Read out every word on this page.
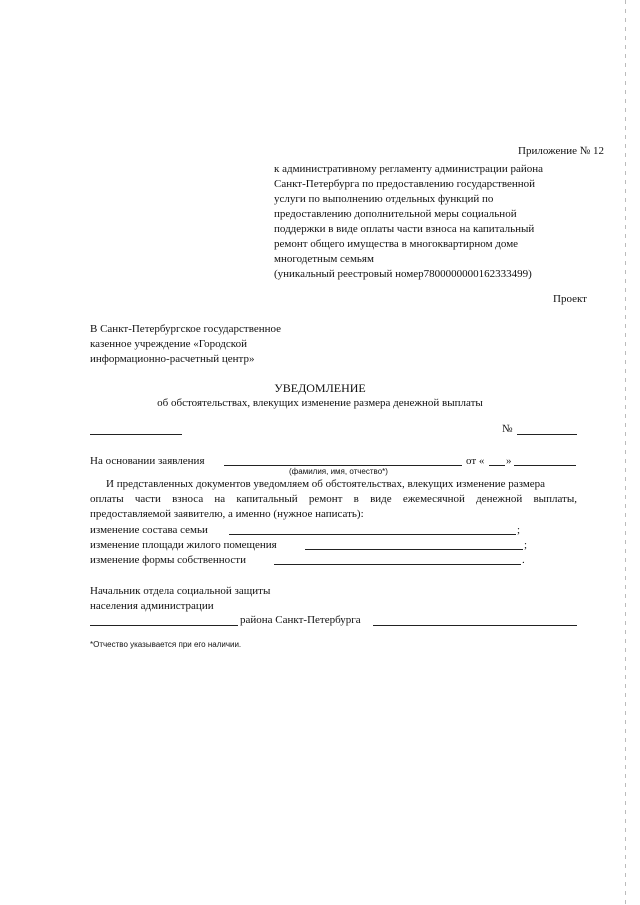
Приложение № 12
к административному регламенту администрации района
Санкт-Петербурга по предоставлению государственной
услуги по выполнению отдельных функций по
предоставлению дополнительной меры социальной
поддержки в виде оплаты части взноса на капитальный
ремонт общего имущества в многоквартирном доме
многодетным семьям
(уникальный реестровый номер7800000000162333499)
Проект
В Санкт-Петербургское государственное
казенное учреждение «Городской
информационно-расчетный центр»
УВЕДОМЛЕНИЕ
об обстоятельствах, влекущих изменение размера денежной выплаты
№
На основании заявления	от « »
(фамилия, имя, отчество*)
И представленных документов уведомляем об обстоятельствах, влекущих изменение размера
оплаты части взноса на капитальный ремонт в виде ежемесячной денежной выплаты,
предоставляемой заявителю, а именно (нужное написать):
изменение состава семьи	;
изменение площади жилого помещения	;
изменение формы собственности	.
Начальник отдела социальной защиты
населения администрации
района Санкт-Петербурга
*Отчество указывается при его наличии.
